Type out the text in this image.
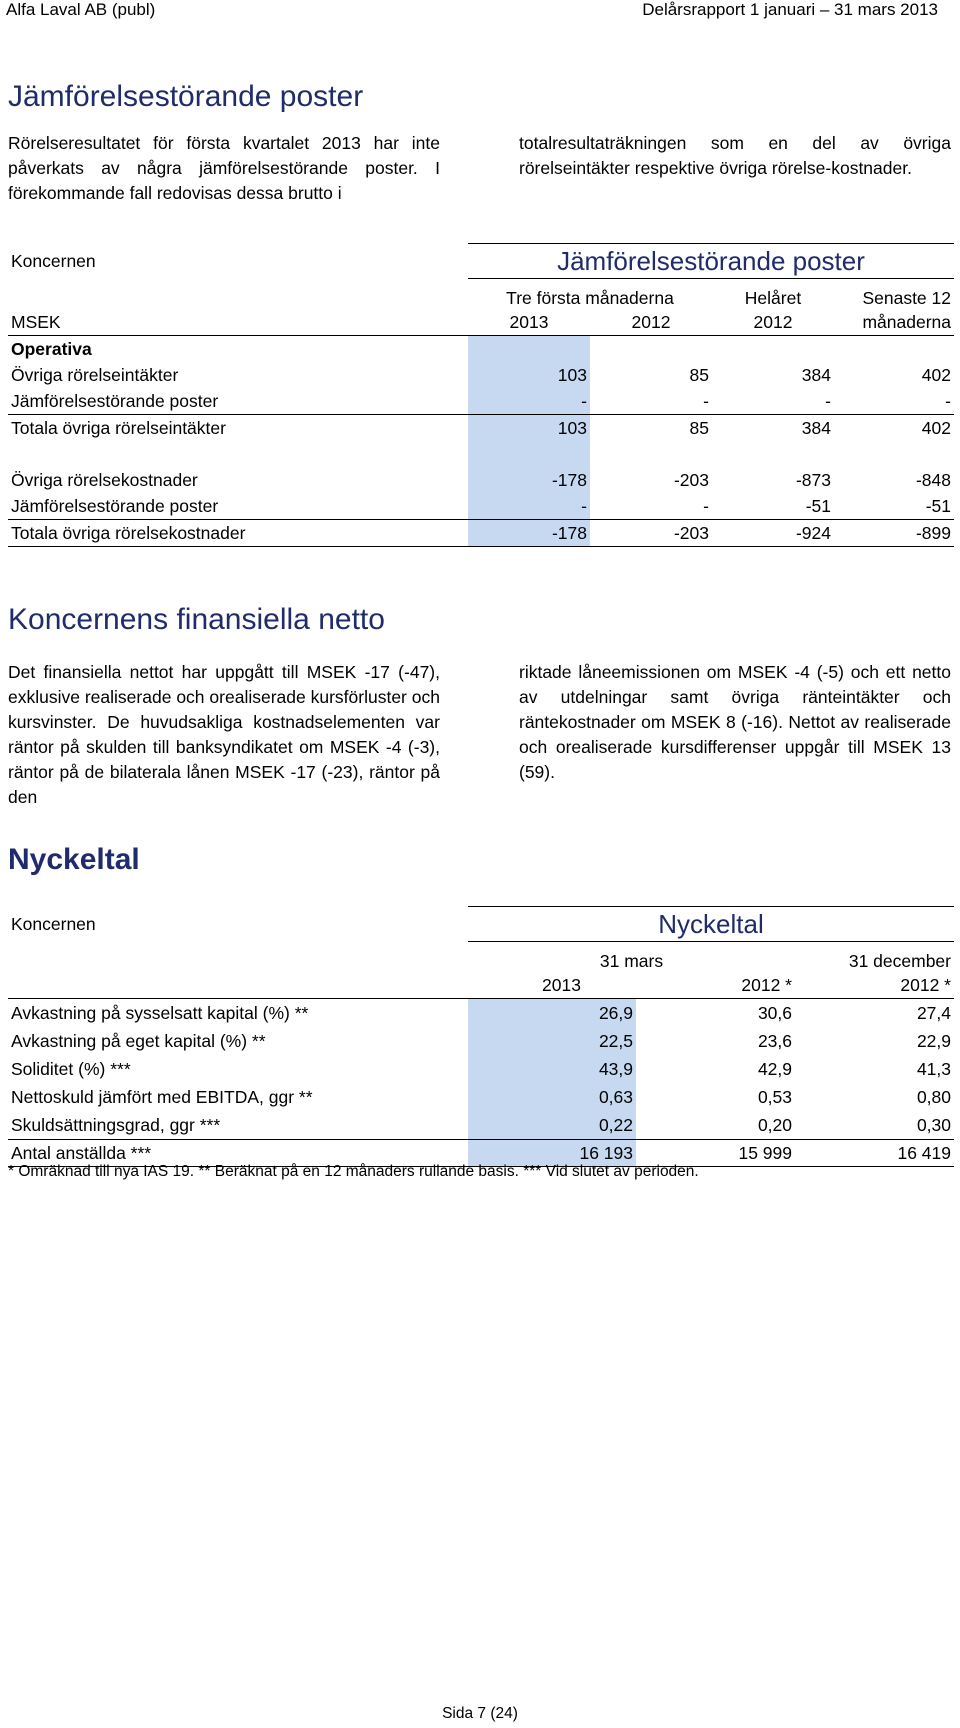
Alfa Laval AB (publ)	Delårsrapport 1 januari – 31 mars 2013
Jämförelsestörande poster

Rörelseresultatet för första kvartalet 2013 har inte påverkats av några jämförelsestörande poster. I förekommande fall redovisas dessa brutto i

totalresultaträkningen som en del av övriga rörelseintäkter respektive övriga rörelse-kostnader.

Koncernen	Jämförelsestörande poster			
	Tre första månaderna		Helåret	Senaste 12
MSEK	2013	2012	2012	månaderna
Operativa				
Övriga rörelseintäkter	103	85	384	402
Jämförelsestörande poster	-	-	-	-
Totala övriga rörelseintäkter	103	85	384	402

Övriga rörelsekostnader	-178	-203	-873	-848
Jämförelsestörande poster	-	-	-51	-51
Totala övriga rörelsekostnader	-178	-203	-924	-899
Koncernens finansiella netto

Det finansiella nettot har uppgått till MSEK -17 (-47), exklusive realiserade och orealiserade kursförluster och kursvinster. De huvudsakliga kostnadselementen var räntor på skulden till banksyndikatet om MSEK -4 (-3), räntor på de bilaterala lånen MSEK -17 (-23), räntor på den

riktade låneemissionen om MSEK -4 (-5) och ett netto av utdelningar samt övriga ränteintäkter och räntekostnader om MSEK 8 (-16). Nettot av realiserade och orealiserade kursdifferenser uppgår till MSEK 13 (59).

Nyckeltal
Koncernen	Nyckeltal		
	31 mars		31 december
	2013	2012 *	2012 *
Avkastning på sysselsatt kapital (%) **	26,9	30,6	27,4
Avkastning på eget kapital (%) **	22,5	23,6	22,9
Soliditet (%) ***	43,9	42,9	41,3
Nettoskuld jämfört med EBITDA, ggr **	0,63	0,53	0,80
Skuldsättningsgrad, ggr ***	0,22	0,20	0,30
Antal anställda ***	16 193	15 999	16 419
* Omräknad till nya IAS 19. ** Beräknat på en 12 månaders rullande basis. *** Vid slutet av perioden.
Sida 7 (24)
